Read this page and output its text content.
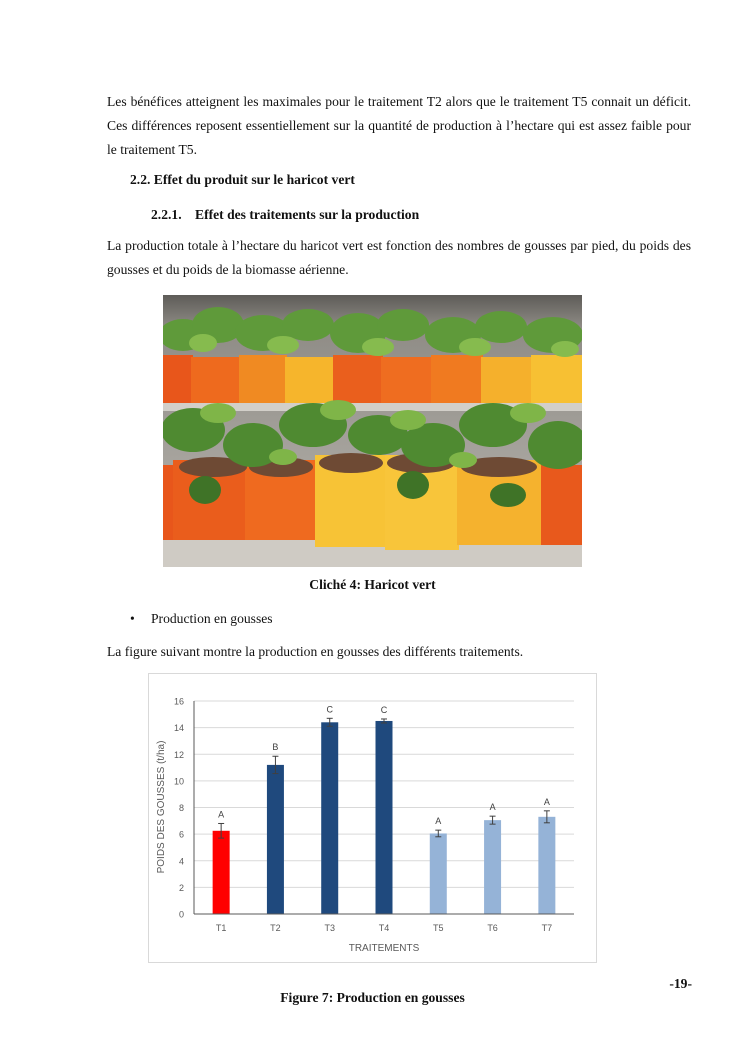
Les bénéfices atteignent les maximales pour le traitement T2 alors que le traitement T5 connait un déficit. Ces différences reposent essentiellement sur la quantité de production à l’hectare qui est assez faible pour le traitement T5.

2.2. Effet du produit sur le haricot vert

2.2.1. Effet des traitements sur la production

La production totale à l’hectare du haricot vert est fonction des nombres de gousses par pied, du poids des gousses et du poids de la biomasse aérienne.

Cliché 4: Haricot vert

• Production en gousses

La figure suivant montre la production en gousses des différents traitements.

0
2
4
6
8
10
12
14
16
A
B
C	C
A
A
A
T1	T2	T3	T4	T5	T6	T7
TRAITEMENTS
POIDS DES GOUSSES (t/ha)

-19-

Figure 7: Production en gousses
